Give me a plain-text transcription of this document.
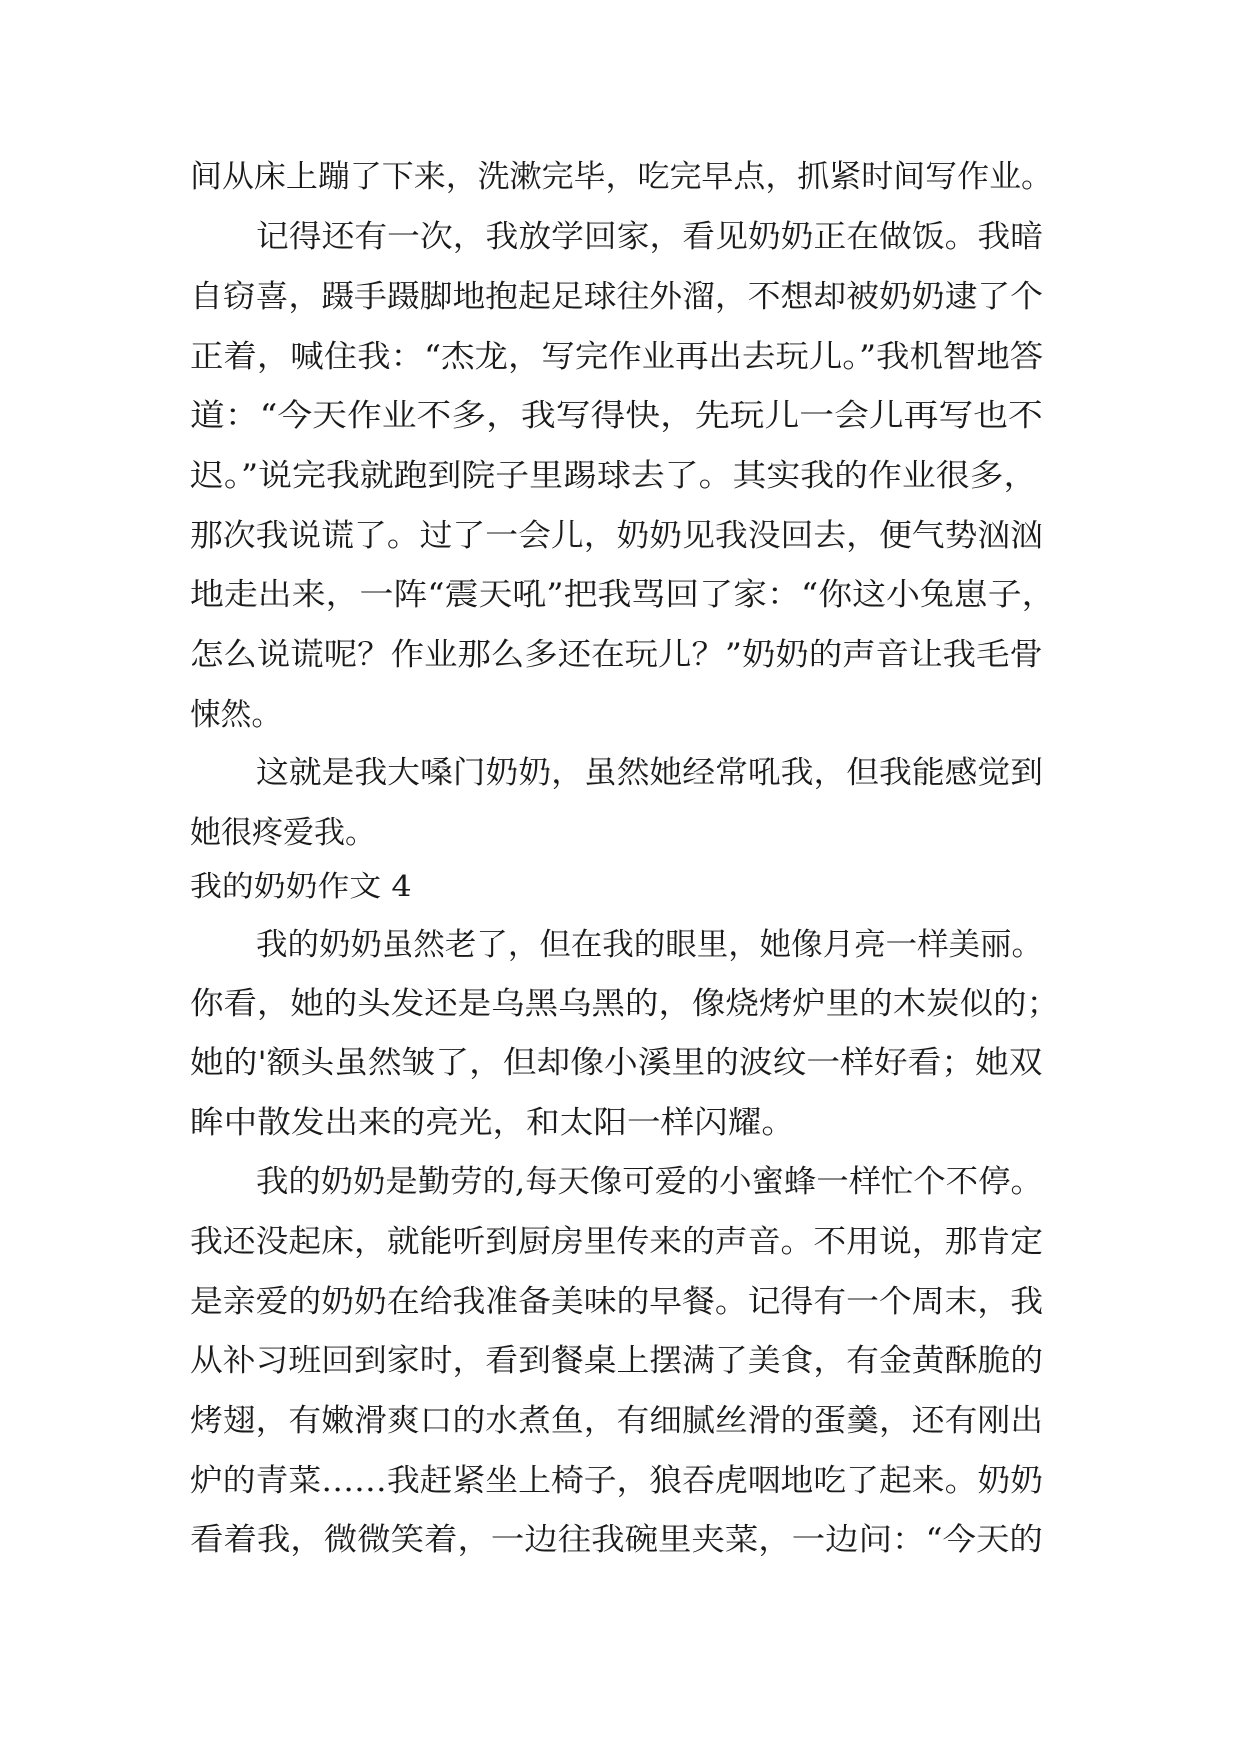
间从床上蹦了下来，洗漱完毕，吃完早点，抓紧时间写作业。
记得还有一次，我放学回家，看见奶奶正在做饭。我暗
自窃喜，蹑手蹑脚地抱起足球往外溜，不想却被奶奶逮了个
正着，喊住我：“杰龙，写完作业再出去玩儿。”我机智地答
道：“今天作业不多，我写得快，先玩儿一会儿再写也不
迟。”说完我就跑到院子里踢球去了。其实我的作业很多，
那次我说谎了。过了一会儿，奶奶见我没回去，便气势汹汹
地走出来，一阵“震天吼”把我骂回了家：“你这小兔崽子，
怎么说谎呢？作业那么多还在玩儿？”奶奶的声音让我毛骨
悚然。
这就是我大嗓门奶奶，虽然她经常吼我，但我能感觉到
她很疼爱我。
我的奶奶作文 4
我的奶奶虽然老了，但在我的眼里，她像月亮一样美丽。
你看，她的头发还是乌黑乌黑的，像烧烤炉里的木炭似的；
她的'额头虽然皱了，但却像小溪里的波纹一样好看；她双
眸中散发出来的亮光，和太阳一样闪耀。
我的奶奶是勤劳的,每天像可爱的小蜜蜂一样忙个不停。
我还没起床，就能听到厨房里传来的声音。不用说，那肯定
是亲爱的奶奶在给我准备美味的早餐。记得有一个周末，我
从补习班回到家时，看到餐桌上摆满了美食，有金黄酥脆的
烤翅，有嫩滑爽口的水煮鱼，有细腻丝滑的蛋羹，还有刚出
炉的青菜……我赶紧坐上椅子，狼吞虎咽地吃了起来。奶奶
看着我，微微笑着，一边往我碗里夹菜，一边问：“今天的
